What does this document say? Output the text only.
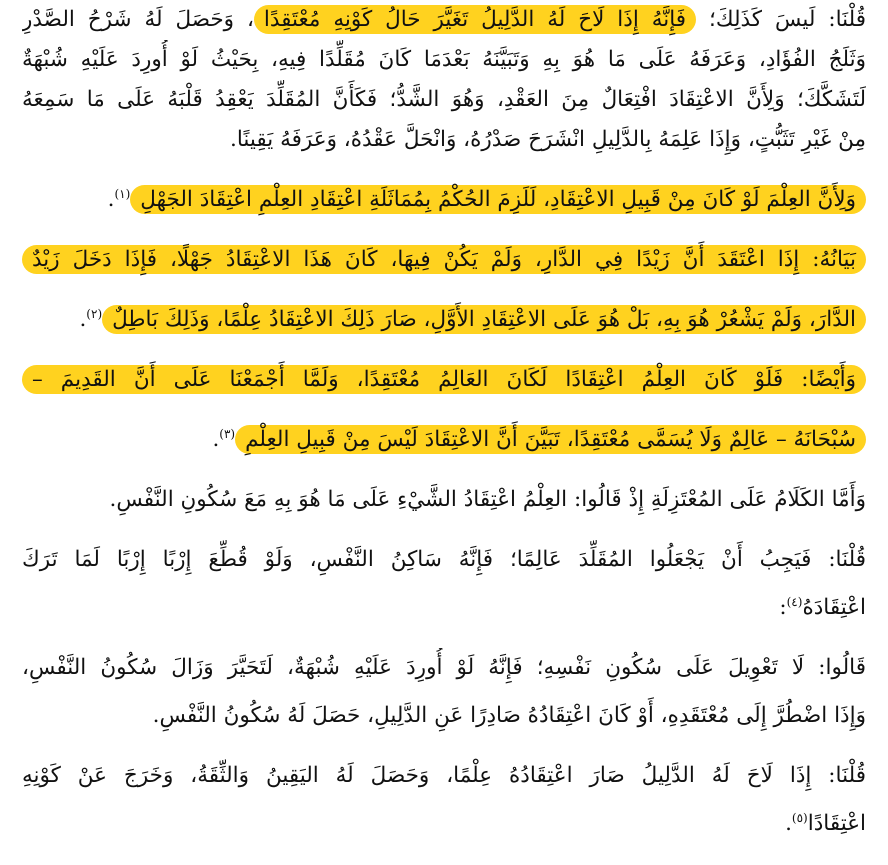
قُلْنَا: لَيسَ كَذَلِكَ؛ فَإِنَّهُ إِذَا لَاحَ لَهُ الدَّلِيلُ تَغَيَّرَ حَالُ كَوْنِهِ مُعْتَقِدًا، وَحَصَلَ لَهُ شَرْحُ الصَّدْرِ
وَثَلَجُ الفُؤَادِ، وَعَرَفَهُ عَلَى مَا هُوَ بِهِ وَتَبَيَّنَهُ بَعْدَمَا كَانَ مُقَلِّدًا فِيهِ، بِحَيْثُ لَوْ أُورِدَ عَلَيْهِ شُبْهَةٌ
لَتَشَكَّكَ؛ وَلِأَنَّ الاعْتِقَادَ افْتِعَالٌ مِنَ العَقْدِ، وَهُوَ الشَّدُّ؛ فَكَأَنَّ المُقَلِّدَ يَعْقِدُ قَلْبَهُ عَلَى مَا سَمِعَهُ
مِنْ غَيْرِ تَثَبُّتٍ، وَإِذَا عَلِمَهُ بِالدَّلِيلِ انْشَرَحَ صَدْرُهُ، وَانْحَلَّ عَقْدُهُ، وَعَرَفَهُ يَقِينًا.
وَلِأَنَّ العِلْمَ لَوْ كَانَ مِنْ قَبِيلِ الاعْتِقَادِ، لَلَزِمَ الحُكْمُ بِمُمَاثَلَةِ اعْتِقَادِ العِلْمِ اعْتِقَادَ الجَهْلِ$^{(١)}$.
بَيَانُهُ: إِذَا اعْتَقَدَ أَنَّ زَيْدًا فِي الدَّارِ، وَلَمْ يَكُنْ فِيهَا، كَانَ هَذَا الاعْتِقَادُ جَهْلًا، فَإِذَا دَخَلَ زَيْدٌ
الدَّارَ، وَلَمْ يَشْعُرْ هُوَ بِهِ، بَلْ هُوَ عَلَى الاعْتِقَادِ الأَوَّلِ، صَارَ ذَلِكَ الاعْتِقَادُ عِلْمًا، وَذَلِكَ بَاطِلٌ$^{(٢)}$.
وَأَيْضًا: فَلَوْ كَانَ العِلْمُ اعْتِقَادًا لَكَانَ العَالِمُ مُعْتَقِدًا، وَلَمَّا أَجْمَعْنَا عَلَى أَنَّ القَدِيمَ –
سُبْحَانَهُ – عَالِمٌ وَلَا يُسَمَّى مُعْتَقِدًا، تَبَيَّنَ أَنَّ الاعْتِقَادَ لَيْسَ مِنْ قَبِيلِ العِلْمِ$^{(٣)}$.
وَأَمَّا الكَلَامُ عَلَى المُعْتَزِلَةِ إِذْ قَالُوا: العِلْمُ اعْتِقَادُ الشَّيْءِ عَلَى مَا هُوَ بِهِ مَعَ سُكُونِ النَّفْسِ.
قُلْنَا: فَيَجِبُ أَنْ يَجْعَلُوا المُقَلِّدَ عَالِمًا؛ فَإِنَّهُ سَاكِنُ النَّفْسِ، وَلَوْ قُطِّعَ إِرْبًا إِرْبًا لَمَا تَرَكَ
اعْتِقَادَهُ$^{(٤)}$:
قَالُوا: لَا تَعْوِيلَ عَلَى سُكُونِ نَفْسِهِ؛ فَإِنَّهُ لَوْ أُورِدَ عَلَيْهِ شُبْهَةٌ، لَتَحَيَّرَ وَزَالَ سُكُونُ النَّفْسِ،
وَإِذَا اضْطُرَّ إِلَى مُعْتَقَدِهِ، أَوْ كَانَ اعْتِقَادُهُ صَادِرًا عَنِ الدَّلِيلِ، حَصَلَ لَهُ سُكُونُ النَّفْسِ.
قُلْنَا: إِذَا لَاحَ لَهُ الدَّلِيلُ صَارَ اعْتِقَادُهُ عِلْمًا، وَحَصَلَ لَهُ اليَقِينُ وَالثِّقَةُ، وَخَرَجَ عَنْ كَوْنِهِ
اعْتِقَادًا$^{(٥)}$.
